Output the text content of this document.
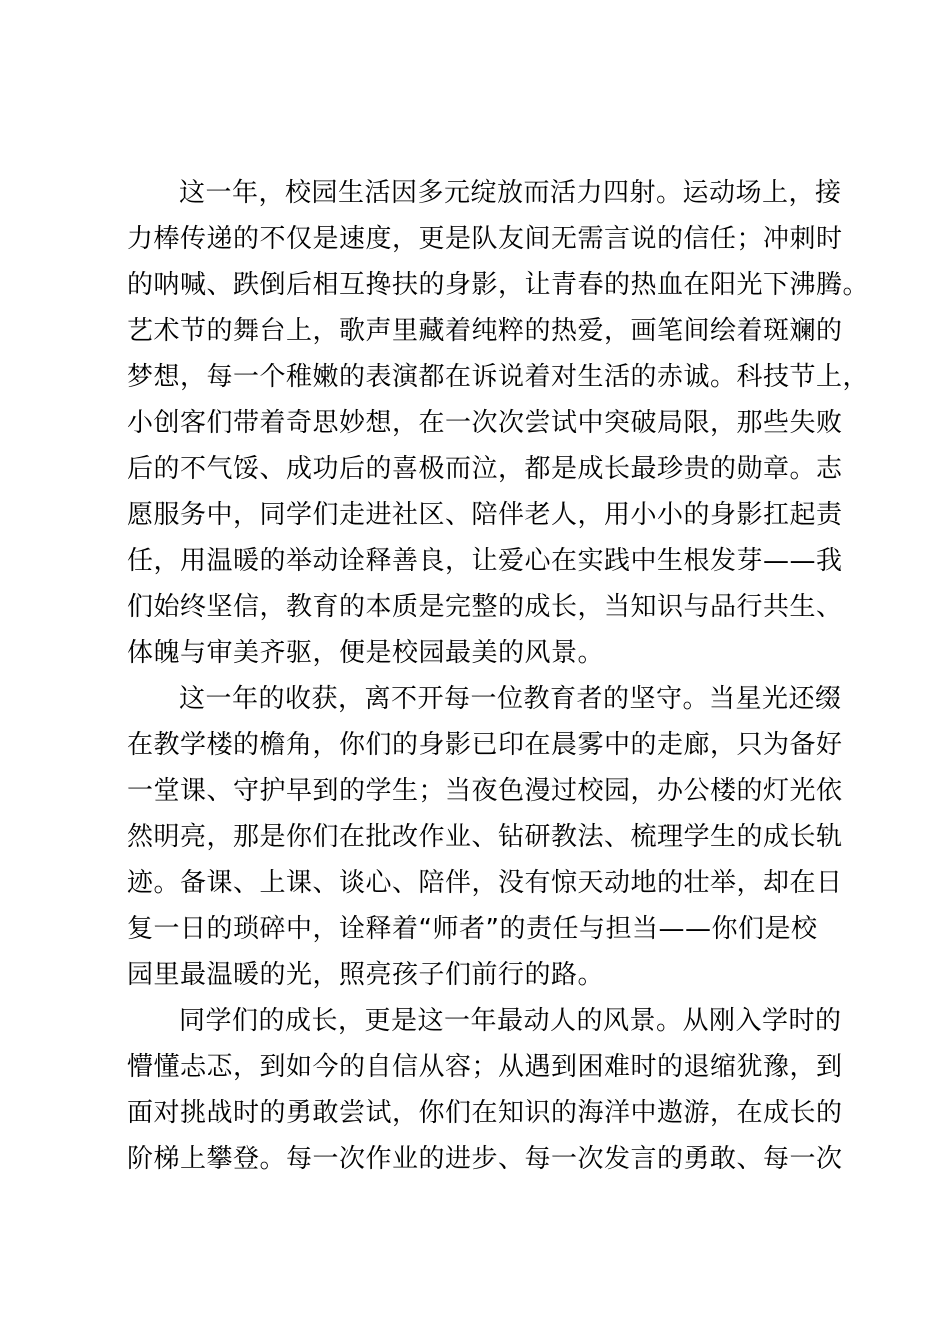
这一年，校园生活因多元绽放而活力四射。运动场上，接
力棒传递的不仅是速度，更是队友间无需言说的信任；冲刺时
的呐喊、跌倒后相互搀扶的身影，让青春的热血在阳光下沸腾。
艺术节的舞台上，歌声里藏着纯粹的热爱，画笔间绘着斑斓的
梦想，每一个稚嫩的表演都在诉说着对生活的赤诚。科技节上，
小创客们带着奇思妙想，在一次次尝试中突破局限，那些失败
后的不气馁、成功后的喜极而泣，都是成长最珍贵的勋章。志
愿服务中，同学们走进社区、陪伴老人，用小小的身影扛起责
任，用温暖的举动诠释善良，让爱心在实践中生根发芽——我
们始终坚信，教育的本质是完整的成长，当知识与品行共生、
体魄与审美齐驱，便是校园最美的风景。
这一年的收获，离不开每一位教育者的坚守。当星光还缀
在教学楼的檐角，你们的身影已印在晨雾中的走廊，只为备好
一堂课、守护早到的学生；当夜色漫过校园，办公楼的灯光依
然明亮，那是你们在批改作业、钻研教法、梳理学生的成长轨
迹。备课、上课、谈心、陪伴，没有惊天动地的壮举，却在日
复一日的琐碎中，诠释着“师者”的责任与担当——你们是校
园里最温暖的光，照亮孩子们前行的路。
同学们的成长，更是这一年最动人的风景。从刚入学时的
懵懂忐忑，到如今的自信从容；从遇到困难时的退缩犹豫，到
面对挑战时的勇敢尝试，你们在知识的海洋中遨游，在成长的
阶梯上攀登。每一次作业的进步、每一次发言的勇敢、每一次
